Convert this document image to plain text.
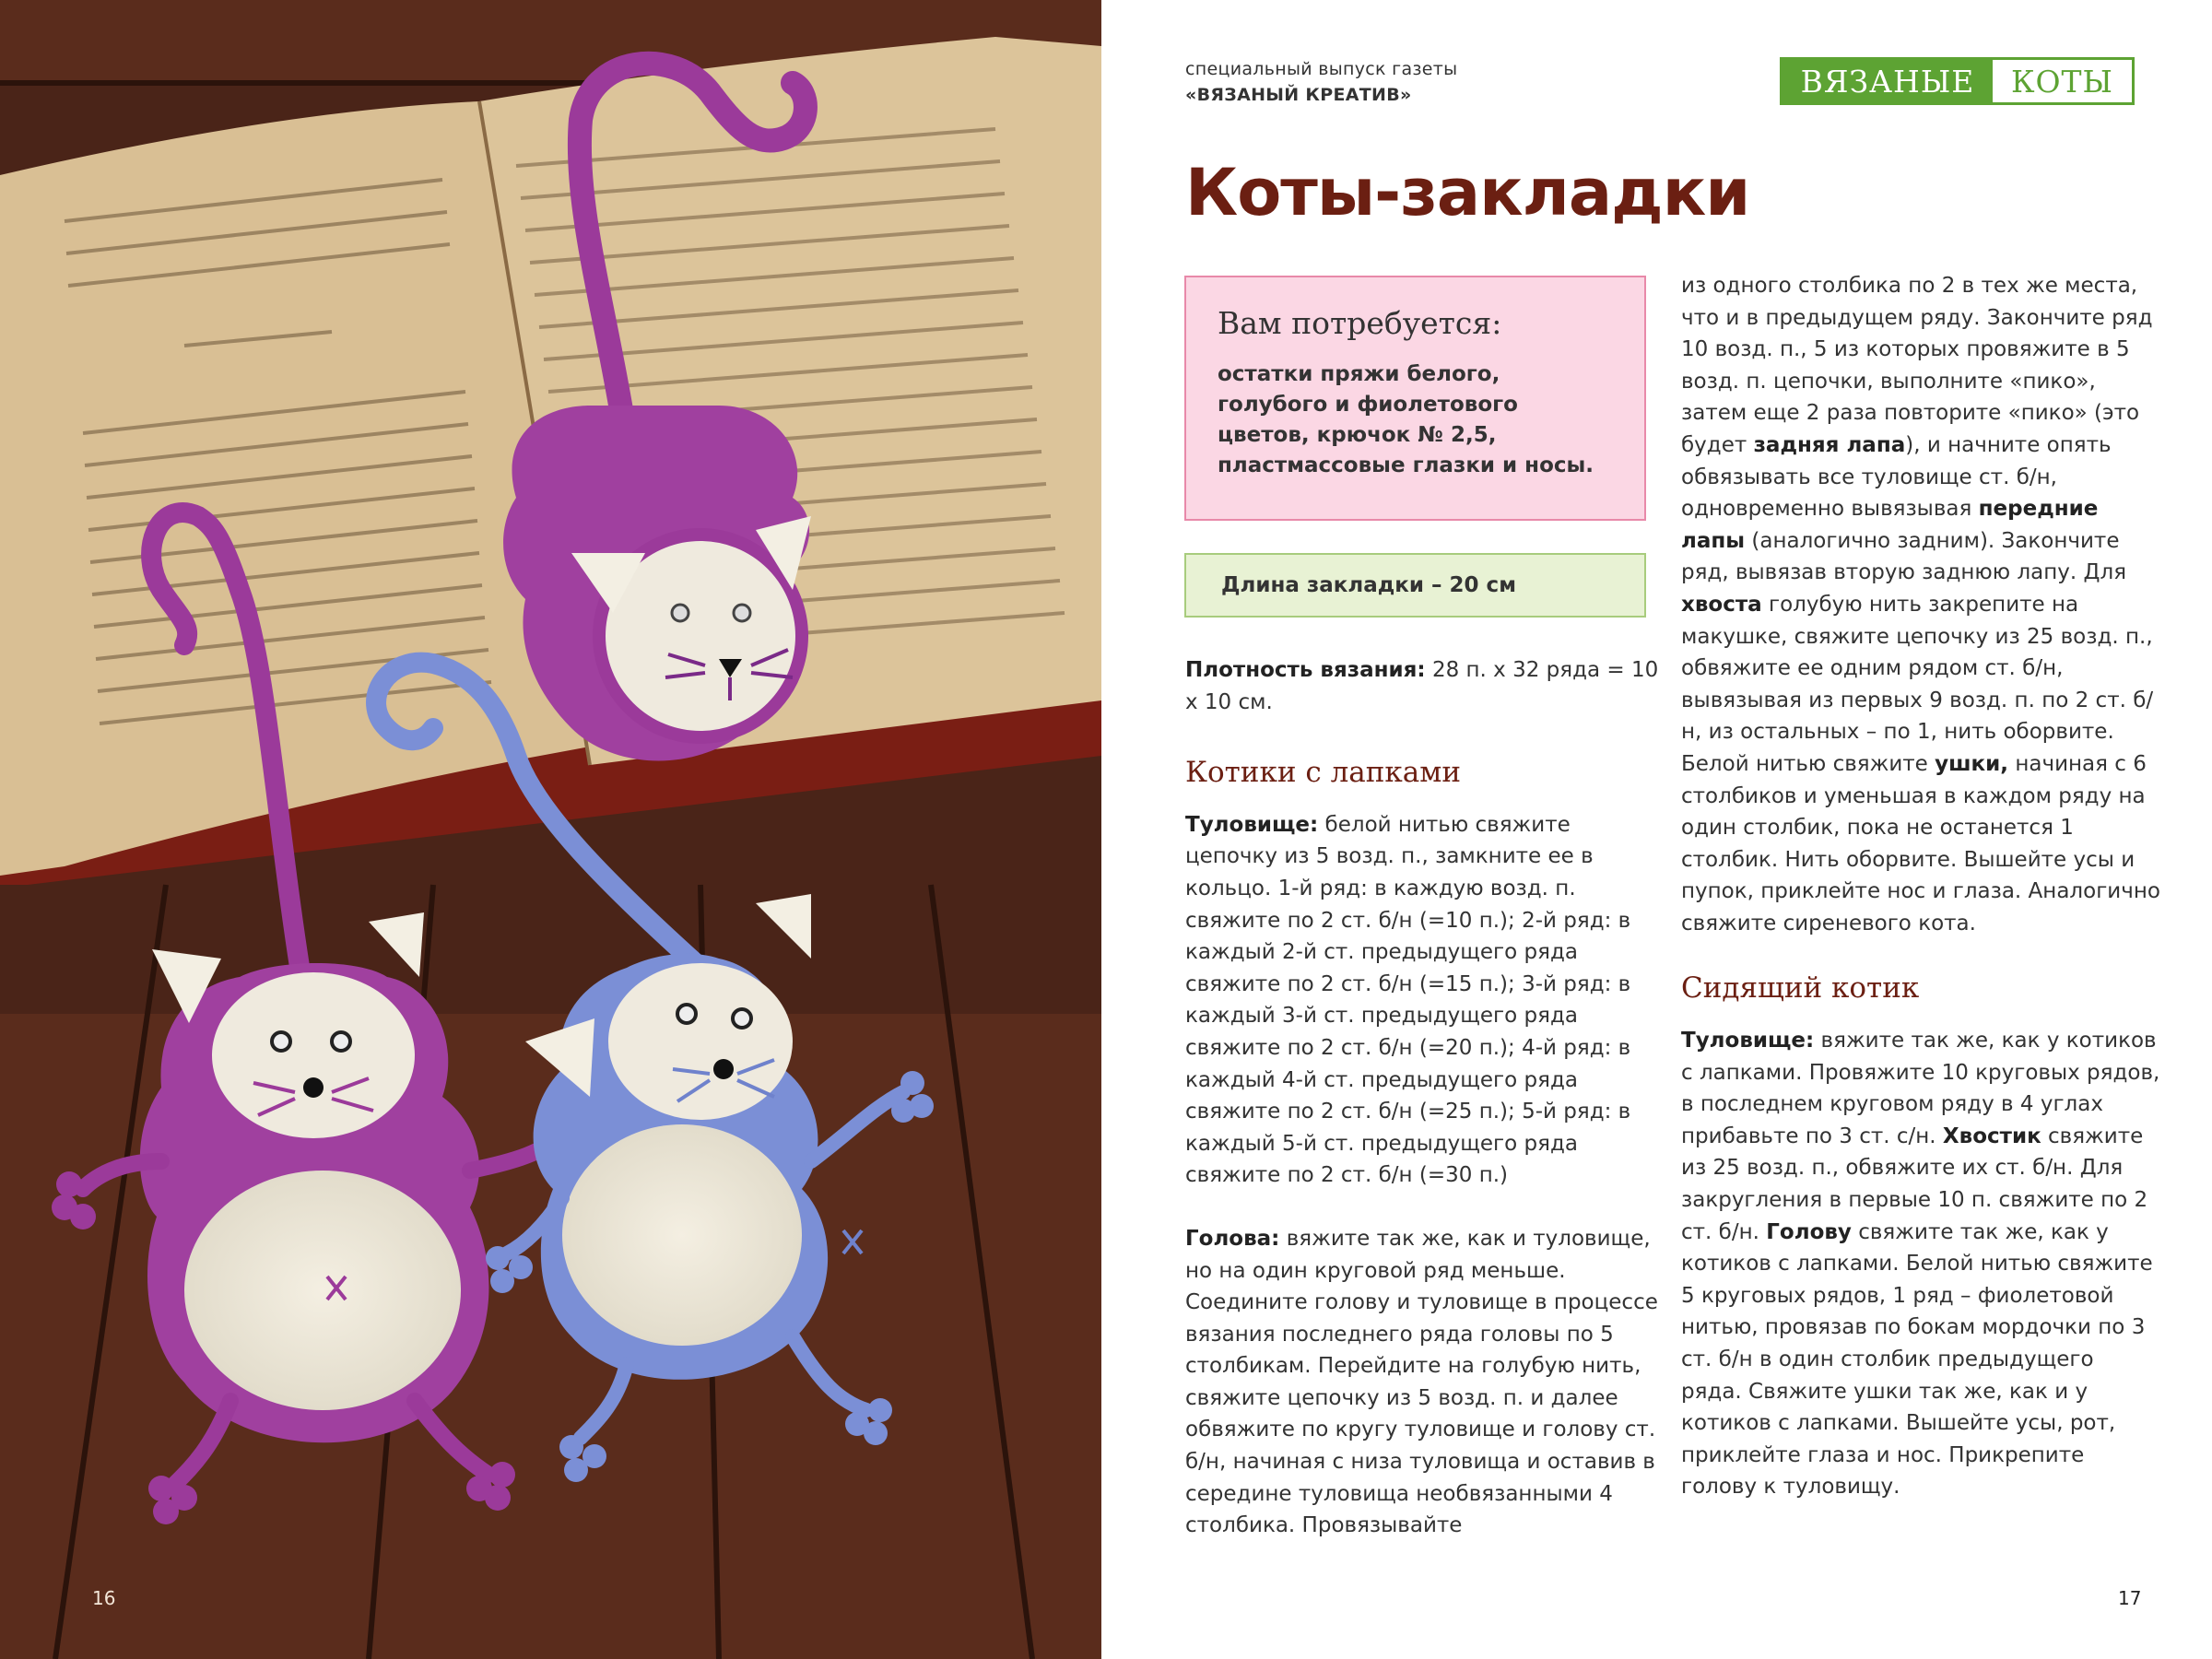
16
специальный выпуск газеты
«ВЯЗАНЫЙ КРЕАТИВ»	ВЯЗАНЫЕ	КОТЫ
Коты-закладки
Вам потребуется:
остатки пряжи белого,
голубого и фиолетового
цветов, крючок № 2,5,
пластмассовые глазки и носы.
Длина закладки – 20 см

Плотность вязания: 28 п. х 32 ряда = 10 х 10 см.

Котики с лапками

Туловище: белой нитью свяжите цепочку из 5 возд. п., замкните ее в кольцо. 1-й ряд: в каждую возд. п. свяжите по 2 ст. б/н (=10 п.); 2-й ряд: в каждый 2-й ст. предыдущего ряда свяжите по 2 ст. б/н (=15 п.); 3-й ряд: в каждый 3-й ст. предыдущего ряда свяжите по 2 ст. б/н (=20 п.); 4-й ряд: в каждый 4-й ст. предыдущего ряда свяжите по 2 ст. б/н (=25 п.); 5-й ряд: в каждый 5-й ст. предыдущего ряда свяжите по 2 ст. б/н (=30 п.)

Голова: вяжите так же, как и туловище, но на один круговой ряд меньше. Соедините голову и туловище в процессе вязания последнего ряда головы по 5 столбикам. Перейдите на голубую нить, свяжите цепочку из 5 возд. п. и далее обвяжите по кругу туловище и голову ст. б/н, начиная с низа туловища и оставив в середине туловища необвязанными 4 столбика. Провязывайте

из одного столбика по 2 в тех же места, что и в предыдущем ряду. Закончите ряд 10 возд. п., 5 из которых провяжите в 5 возд. п. цепочки, выполните «пико», затем еще 2 раза повторите «пико» (это будет задняя лапа), и начните опять обвязывать все туловище ст. б/н, одновременно вывязывая передние лапы (аналогично задним). Закончите ряд, вывязав вторую заднюю лапу. Для хвоста голубую нить закрепите на макушке, свяжите цепочку из 25 возд. п., обвяжите ее одним рядом ст. б/н, вывязывая из первых 9 возд. п. по 2 ст. б/н, из остальных – по 1, нить оборвите. Белой нитью свяжите ушки, начиная с 6 столбиков и уменьшая в каждом ряду на один столбик, пока не останется 1 столбик. Нить оборвите. Вышейте усы и пупок, приклейте нос и глаза. Аналогично свяжите сиреневого кота.

Сидящий котик

Туловище: вяжите так же, как у котиков с лапками. Провяжите 10 круговых рядов, в последнем круговом ряду в 4 углах прибавьте по 3 ст. с/н. Хвостик свяжите из 25 возд. п., обвяжите их ст. б/н. Для закругления в первые 10 п. свяжите по 2 ст. б/н. Голову свяжите так же, как у котиков с лапками. Белой нитью свяжите 5 круговых рядов, 1 ряд – фиолетовой нитью, провязав по бокам мордочки по 3 ст. б/н в один столбик предыдущего ряда. Свяжите ушки так же, как и у котиков с лапками. Вышейте усы, рот, приклейте глаза и нос. Прикрепите голову к туловищу.

17
